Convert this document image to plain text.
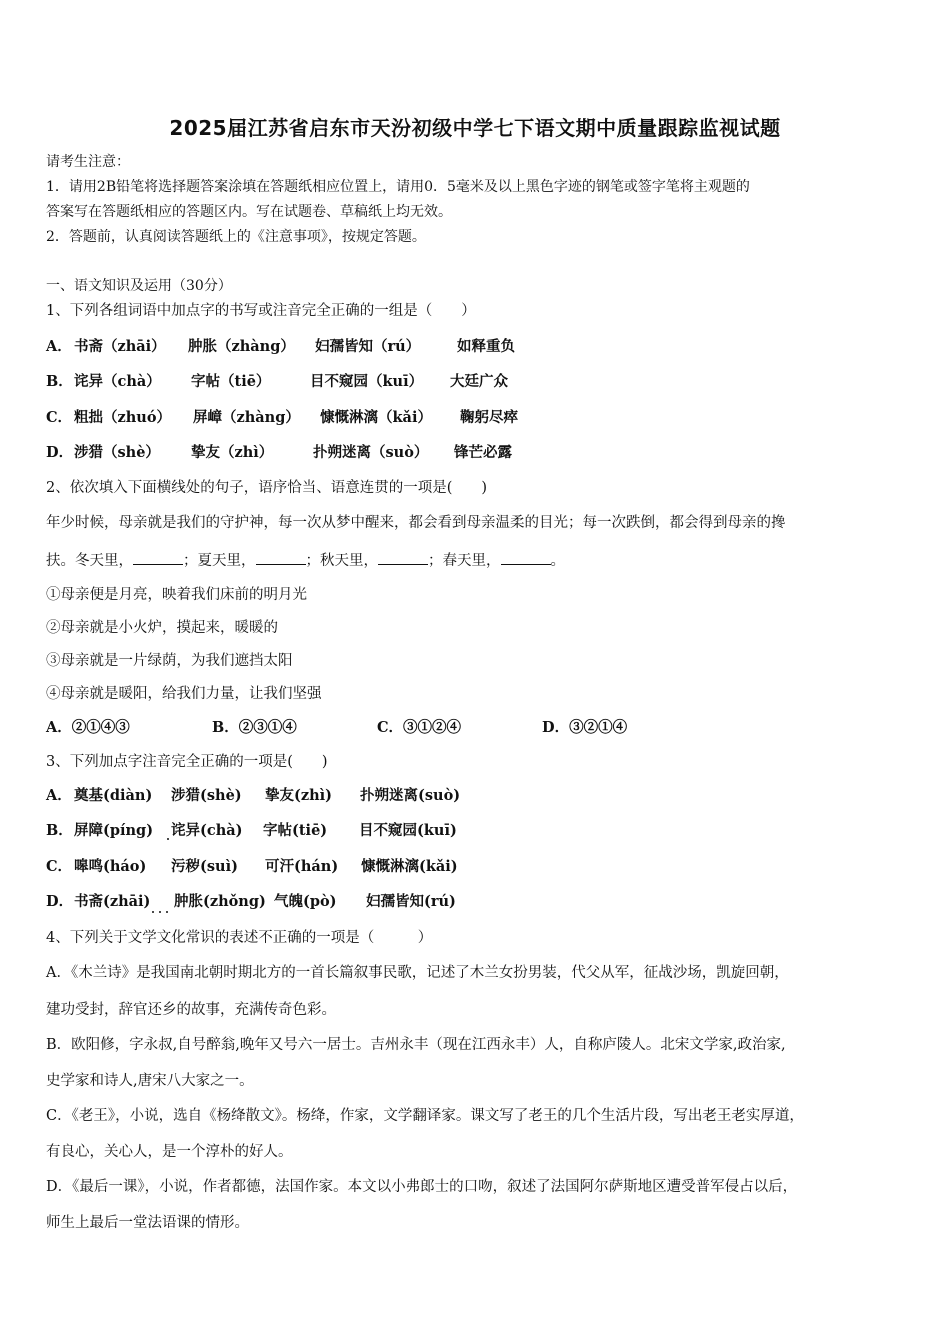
2025届江苏省启东市天汾初级中学七下语文期中质量跟踪监视试题
请考生注意：
1．请用2B铅笔将选择题答案涂填在答题纸相应位置上，请用0．5毫米及以上黑色字迹的钢笔或签字笔将主观题的
答案写在答题纸相应的答题区内。写在试题卷、草稿纸上均无效。
2．答题前，认真阅读答题纸上的《注意事项》，按规定答题。
一、语文知识及运用（30分）
1、下列各组词语中加点字的书写或注音完全正确的一组是（　　）
A． 书斋（zhāi） 肿胀（zhàng） 妇孺皆知（rú）	如释重负
B． 诧异（chà） 字帖（tiē）	目不窥园（kuī） 大廷广众
C． 粗拙（zhuó） 屏嶂（zhàng） 慷慨淋漓（kǎi） 鞠躬尽瘁
D． 涉猎（shè） 挚友（zhì）	扑朔迷离（suò） 锋芒必露
2、依次填入下面横线处的句子，语序恰当、语意连贯的一项是(　　)
年少时候，母亲就是我们的守护神，每一次从梦中醒来，都会看到母亲温柔的目光；每一次跌倒，都会得到母亲的搀
扶。冬天里，	；夏天里，	；秋天里，	；春天里，	。
①母亲便是月亮，映着我们床前的明月光
②母亲就是小火炉，摸起来，暖暖的
③母亲就是一片绿荫，为我们遮挡太阳
④母亲就是暖阳，给我们力量，让我们坚强
A．②①④③	B．②③①④	C．③①②④	D．③②①④
3、下列加点字注音完全正确的一项是(　　)
A． 奠基(diàn) 涉猎(shè) 挚友(zhì) 扑朔迷离(suò)
B． 屏障(píng) 诧异(chà) 字帖(tiē) 目不窥园(kuī)
C． 嗥鸣(háo) 污秽(suì) 可汗(hán) 慷慨淋漓(kǎi)
D． 书斋(zhāi) 肿胀(zhǒng) 气魄(pò) 妇孺皆知(rú)
4、下列关于文学文化常识的表述不正确的一项是（　　　）
A．《木兰诗》是我国南北朝时期北方的一首长篇叙事民歌，记述了木兰女扮男装，代父从军，征战沙场，凯旋回朝，
建功受封，辞官还乡的故事，充满传奇色彩。
B．欧阳修，字永叔,自号醉翁,晚年又号六一居士。吉州永丰（现在江西永丰）人，自称庐陵人。北宋文学家,政治家,
史学家和诗人,唐宋八大家之一。
C．《老王》，小说，选自《杨绛散文》。杨绛，作家，文学翻译家。课文写了老王的几个生活片段，写出老王老实厚道，
有良心，关心人，是一个淳朴的好人。
D．《最后一课》，小说，作者都德，法国作家。本文以小弗郎士的口吻，叙述了法国阿尔萨斯地区遭受普军侵占以后，
师生上最后一堂法语课的情形。
